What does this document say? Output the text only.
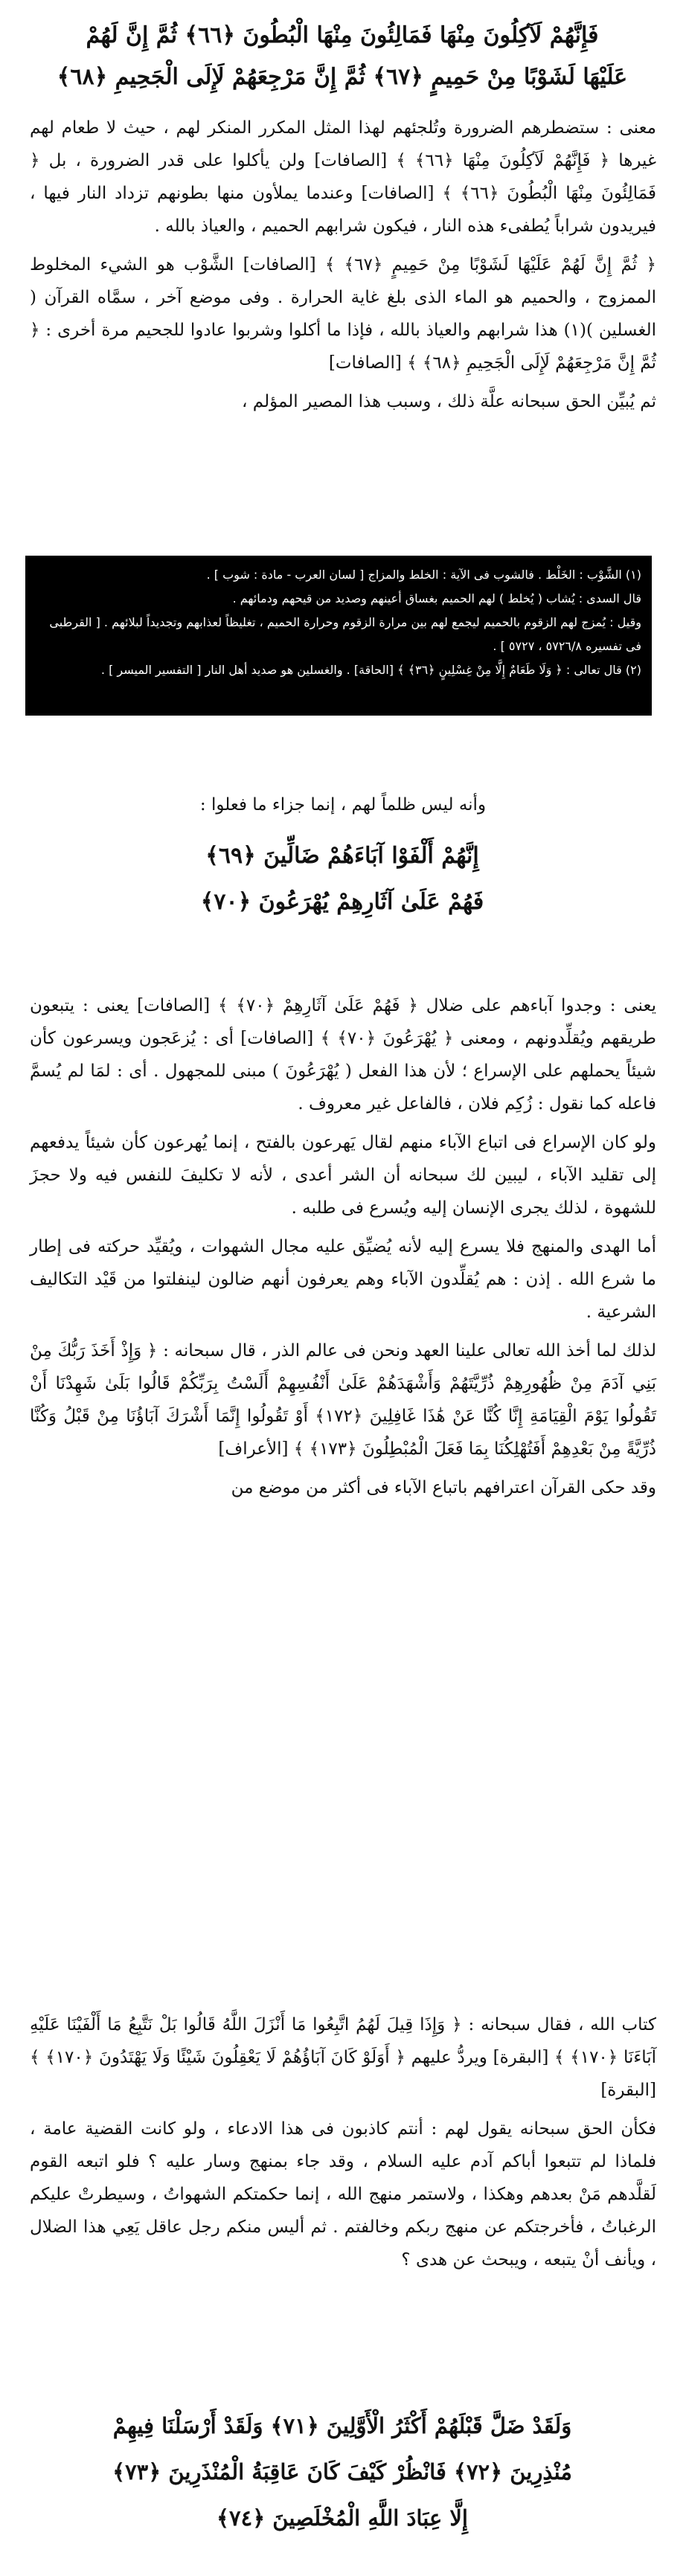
فَإِنَّهُمْ لَآكِلُونَ مِنْهَا فَمَالِئُونَ مِنْهَا الْبُطُونَ ﴿٦٦﴾ ثُمَّ إِنَّ لَهُمْ
عَلَيْهَا لَشَوْبًا مِنْ حَمِيمٍ ﴿٦٧﴾ ثُمَّ إِنَّ مَرْجِعَهُمْ لَإِلَى الْجَحِيمِ ﴿٦٨﴾

معنى : ستضطرهم الضرورة وتُلجئهم لهذا المثل المكرر المنكر لهم ، حيث لا طعام لهم غيرها ﴿ فَإِنَّهُمْ لَآكِلُونَ مِنْهَا ﴿٦٦﴾ ﴾ [الصافات] ولن يأكلوا على قدر الضرورة ، بل ﴿ فَمَالِئُونَ مِنْهَا الْبُطُونَ ﴿٦٦﴾ ﴾ [الصافات] وعندما يملأون منها بطونهم تزداد النار فيها ، فيريدون شراباً يُطفىء هذه النار ، فيكون شرابهم الحميم ، والعياذ بالله .

﴿ ثُمَّ إِنَّ لَهُمْ عَلَيْهَا لَشَوْبًا مِنْ حَمِيمٍ ﴿٦٧﴾ ﴾ [الصافات] الشَّوْب هو الشيء المخلوط الممزوج ، والحميم هو الماء الذى بلغ غاية الحرارة . وفى موضع آخر ، سمَّاه القرآن ( الغسلين )(١) هذا شرابهم والعياذ بالله ، فإذا ما أكلوا وشربوا عادوا للجحيم مرة أخرى : ﴿ ثُمَّ إِنَّ مَرْجِعَهُمْ لَإِلَى الْجَحِيمِ ﴿٦٨﴾ ﴾ [الصافات]

ثم يُبيِّن الحق سبحانه علَّة ذلك ، وسبب هذا المصير المؤلم ،

(١) الشَّوْب : الخَلْط . فالشوب فى الآية : الخلط والمزاج [ لسان العرب - مادة : شوب ] .

قال السدى : يُشاب ( يُخلط ) لهم الحميم بغساق أعينهم وصديد من قيحهم ودمائهم .

وقيل : يُمزج لهم الزقوم بالحميم ليجمع لهم بين مرارة الزقوم وحرارة الحميم ، تغليظاً لعذابهم وتجديداً لبلائهم . [ القرطبى فى تفسيره ٥٧٢٦/٨ ، ٥٧٢٧ ] .

(٢) قال تعالى : ﴿ وَلَا طَعَامٌ إِلَّا مِنْ غِسْلِينٍ ﴿٣٦﴾ ﴾ [الحاقة] . والغسلين هو صديد أهل النار [ التفسير الميسر ] .

وأنه ليس ظلماً لهم ، إنما جزاء ما فعلوا :

إِنَّهُمْ أَلْفَوْا آبَاءَهُمْ ضَالِّينَ ﴿٦٩﴾
فَهُمْ عَلَىٰ آثَارِهِمْ يُهْرَعُونَ ﴿٧٠﴾

يعنى : وجدوا آباءهم على ضلال ﴿ فَهُمْ عَلَىٰ آثَارِهِمْ ﴿٧٠﴾ ﴾ [الصافات] يعنى : يتبعون طريقهم ويُقلِّدونهم ، ومعنى ﴿ يُهْرَعُونَ ﴿٧٠﴾ ﴾ [الصافات] أى : يُزعَجون ويسرعون كأن شيئاً يحملهم على الإسراع ؛ لأن هذا الفعل ( يُهْرَعُونَ ) مبنى للمجهول . أى : لمَا لم يُسمَّ فاعله كما نقول : زُكِم فلان ، فالفاعل غير معروف .

ولو كان الإسراع فى اتباع الآباء منهم لقال يَهرعون بالفتح ، إنما يُهرعون كأن شيئاً يدفعهم إلى تقليد الآباء ، ليبين لك سبحانه أن الشر أعدى ، لأنه لا تكليفَ للنفس فيه ولا حجزَ للشهوة ، لذلك يجرى الإنسان إليه ويُسرع فى طلبه .

أما الهدى والمنهج فلا يسرع إليه لأنه يُضيِّق عليه مجال الشهوات ، ويُقيِّد حركته فى إطار ما شرع الله . إذن : هم يُقلِّدون الآباء وهم يعرفون أنهم ضالون لينفلتوا من قَيْد التكاليف الشرعية .

لذلك لما أخذ الله تعالى علينا العهد ونحن فى عالم الذر ، قال سبحانه : ﴿ وَإِذْ أَخَذَ رَبُّكَ مِنْ بَنِي آدَمَ مِنْ ظُهُورِهِمْ ذُرِّيَّتَهُمْ وَأَشْهَدَهُمْ عَلَىٰ أَنْفُسِهِمْ أَلَسْتُ بِرَبِّكُمْ قَالُوا بَلَىٰ شَهِدْنَا أَنْ تَقُولُوا يَوْمَ الْقِيَامَةِ إِنَّا كُنَّا عَنْ هَٰذَا غَافِلِينَ ﴿١٧٢﴾ أَوْ تَقُولُوا إِنَّمَا أَشْرَكَ آبَاؤُنَا مِنْ قَبْلُ وَكُنَّا ذُرِّيَّةً مِنْ بَعْدِهِمْ أَفَتُهْلِكُنَا بِمَا فَعَلَ الْمُبْطِلُونَ ﴿١٧٣﴾ ﴾ [الأعراف]

وقد حكى القرآن اعترافهم باتباع الآباء فى أكثر من موضع من

كتاب الله ، فقال سبحانه : ﴿ وَإِذَا قِيلَ لَهُمُ اتَّبِعُوا مَا أَنْزَلَ اللَّهُ قَالُوا بَلْ نَتَّبِعُ مَا أَلْفَيْنَا عَلَيْهِ آبَاءَنَا ﴿١٧٠﴾ ﴾ [البقرة] ويردُّ عليهم ﴿ أَوَلَوْ كَانَ آبَاؤُهُمْ لَا يَعْقِلُونَ شَيْئًا وَلَا يَهْتَدُونَ ﴿١٧٠﴾ ﴾ [البقرة]

فكأن الحق سبحانه يقول لهم : أنتم كاذبون فى هذا الادعاء ، ولو كانت القضية عامة ، فلماذا لم تتبعوا أباكم آدم عليه السلام ، وقد جاء بمنهج وسار عليه ؟ فلو اتبعه القوم لَقلَّدهم مَنْ بعدهم وهكذا ، ولاستمر منهج الله ، إنما حكمتكم الشهواتُ ، وسيطرتْ عليكم الرغباتُ ، فأخرجتكم عن منهج ربكم وخالفتم . ثم أليس منكم رجل عاقل يَعِي هذا الضلال ، ويأنف أنْ يتبعه ، ويبحث عن هدى ؟

وَلَقَدْ ضَلَّ قَبْلَهُمْ أَكْثَرُ الْأَوَّلِينَ ﴿٧١﴾ وَلَقَدْ أَرْسَلْنَا فِيهِمْ
مُنْذِرِينَ ﴿٧٢﴾ فَانْظُرْ كَيْفَ كَانَ عَاقِبَةُ الْمُنْذَرِينَ ﴿٧٣﴾
إِلَّا عِبَادَ اللَّهِ الْمُخْلَصِينَ ﴿٧٤﴾
